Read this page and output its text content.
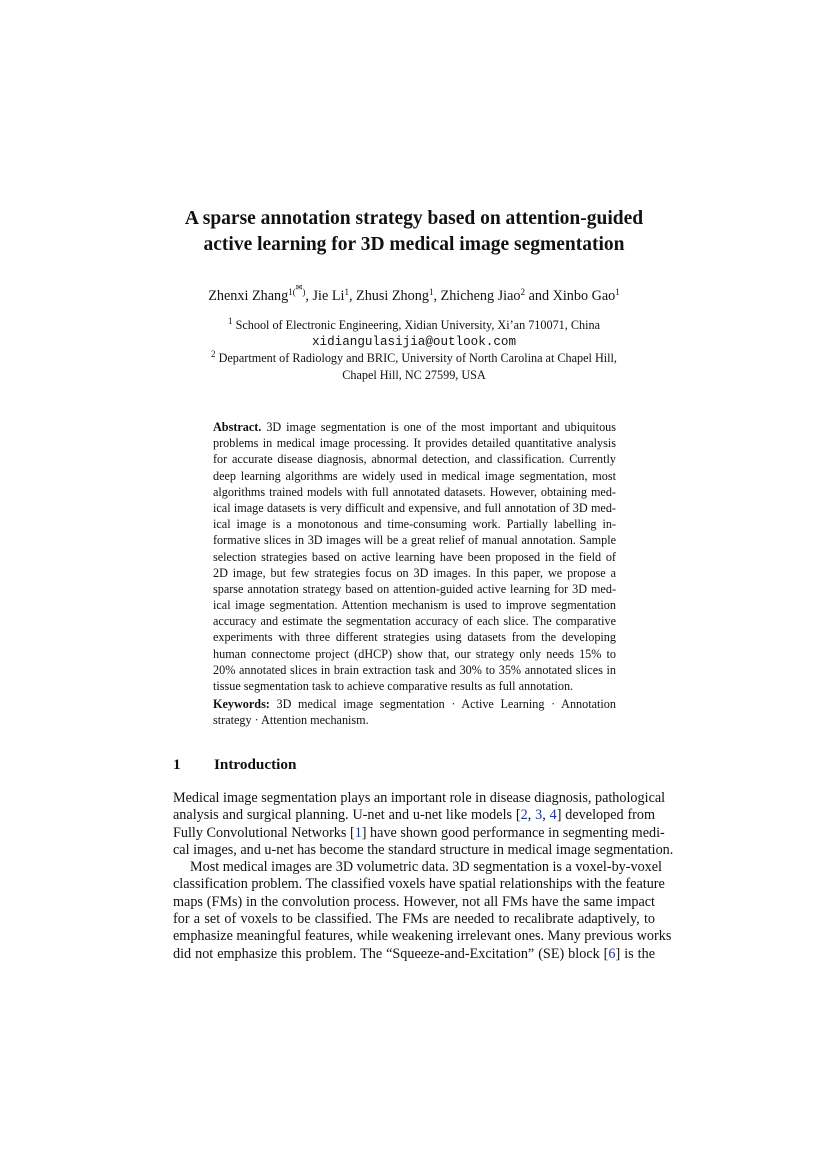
A sparse annotation strategy based on attention-guided
active learning for 3D medical image segmentation
Zhenxi Zhang$^{1(✉)}$, Jie Li$^1$, Zhusi Zhong$^1$, Zhicheng Jiao$^2$ and Xinbo Gao$^1$
$^1$ School of Electronic Engineering, Xidian University, Xi’an 710071, China
xidiangulasijia@outlook.com
$^2$ Department of Radiology and BRIC, University of North Carolina at Chapel Hill,
Chapel Hill, NC 27599, USA
Abstract. 3D image segmentation is one of the most important and ubiquitous
problems in medical image processing. It provides detailed quantitative analysis
for accurate disease diagnosis, abnormal detection, and classification. Currently
deep learning algorithms are widely used in medical image segmentation, most
algorithms trained models with full annotated datasets. However, obtaining med-
ical image datasets is very difficult and expensive, and full annotation of 3D med-
ical image is a monotonous and time-consuming work. Partially labelling in-
formative slices in 3D images will be a great relief of manual annotation. Sample
selection strategies based on active learning have been proposed in the field of
2D image, but few strategies focus on 3D images. In this paper, we propose a
sparse annotation strategy based on attention-guided active learning for 3D med-
ical image segmentation. Attention mechanism is used to improve segmentation
accuracy and estimate the segmentation accuracy of each slice. The comparative
experiments with three different strategies using datasets from the developing
human connectome project (dHCP) show that, our strategy only needs 15% to
20% annotated slices in brain extraction task and 30% to 35% annotated slices in
tissue segmentation task to achieve comparative results as full annotation.
Keywords: 3D medical image segmentation · Active Learning · Annotation
strategy · Attention mechanism.
1 Introduction
Medical image segmentation plays an important role in disease diagnosis, pathological
analysis and surgical planning. U-net and u-net like models [2, 3, 4] developed from
Fully Convolutional Networks [1] have shown good performance in segmenting medi-
cal images, and u-net has become the standard structure in medical image segmentation.
Most medical images are 3D volumetric data. 3D segmentation is a voxel-by-voxel
classification problem. The classified voxels have spatial relationships with the feature
maps (FMs) in the convolution process. However, not all FMs have the same impact
for a set of voxels to be classified. The FMs are needed to recalibrate adaptively, to
emphasize meaningful features, while weakening irrelevant ones. Many previous works
did not emphasize this problem. The “Squeeze-and-Excitation” (SE) block [6] is the
